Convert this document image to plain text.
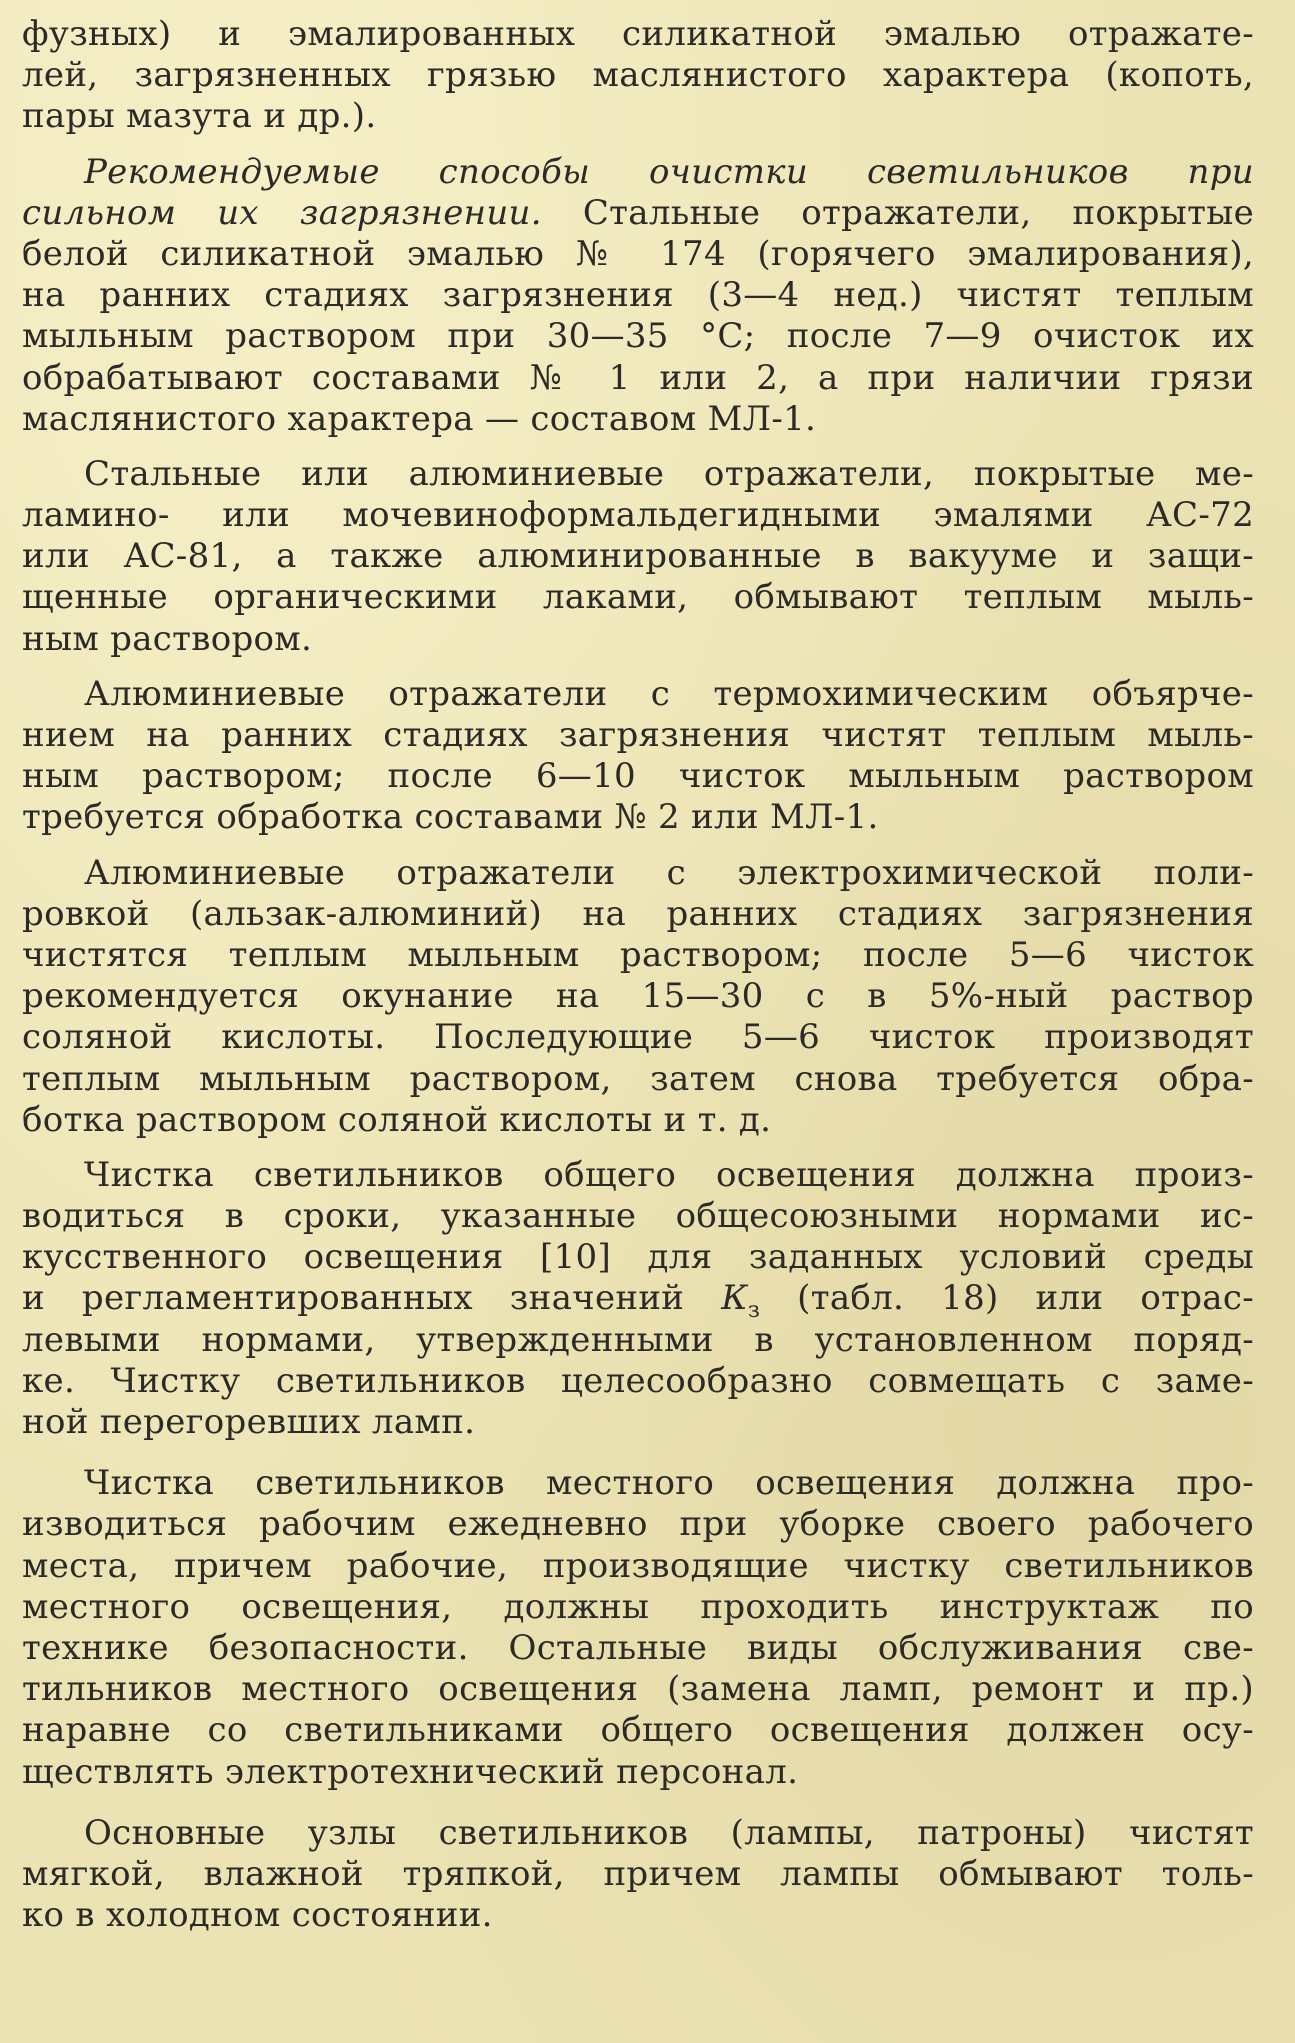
фузных) и эмалированных силикатной эмалью отражате-
лей, загрязненных грязью маслянистого характера (копоть,
пары мазута и др.).
Рекомендуемые способы очистки светильников при
сильном их загрязнении. Стальные отражатели, покрытые
белой силикатной эмалью № 174 (горячего эмалирования),
на ранних стадиях загрязнения (3—4 нед.) чистят теплым
мыльным раствором при 30—35 °С; после 7—9 очисток их
обрабатывают составами № 1 или 2, а при наличии грязи
маслянистого характера — составом МЛ-1.
Стальные или алюминиевые отражатели, покрытые ме-
ламино- или мочевиноформальдегидными эмалями АС-72
или АС-81, а также алюминированные в вакууме и защи-
щенные органическими лаками, обмывают теплым мыль-
ным раствором.
Алюминиевые отражатели с термохимическим объярче-
нием на ранних стадиях загрязнения чистят теплым мыль-
ным раствором; после 6—10 чисток мыльным раствором
требуется обработка составами № 2 или МЛ-1.
Алюминиевые отражатели с электрохимической поли-
ровкой (альзак-алюминий) на ранних стадиях загрязнения
чистятся теплым мыльным раствором; после 5—6 чисток
рекомендуется окунание на 15—30 с в 5%-ный раствор
соляной кислоты. Последующие 5—6 чисток производят
теплым мыльным раствором, затем снова требуется обра-
ботка раствором соляной кислоты и т. д.
Чистка светильников общего освещения должна произ-
водиться в сроки, указанные общесоюзными нормами ис-
кусственного освещения [10] для заданных условий среды
и регламентированных значений $К_з$ (табл. 18) или отрас-
левыми нормами, утвержденными в установленном поряд-
ке. Чистку светильников целесообразно совмещать с заме-
ной перегоревших ламп.
Чистка светильников местного освещения должна про-
изводиться рабочим ежедневно при уборке своего рабочего
места, причем рабочие, производящие чистку светильников
местного освещения, должны проходить инструктаж по
технике безопасности. Остальные виды обслуживания све-
тильников местного освещения (замена ламп, ремонт и пр.)
наравне со светильниками общего освещения должен осу-
ществлять электротехнический персонал.
Основные узлы светильников (лампы, патроны) чистят
мягкой, влажной тряпкой, причем лампы обмывают толь-
ко в холодном состоянии.
